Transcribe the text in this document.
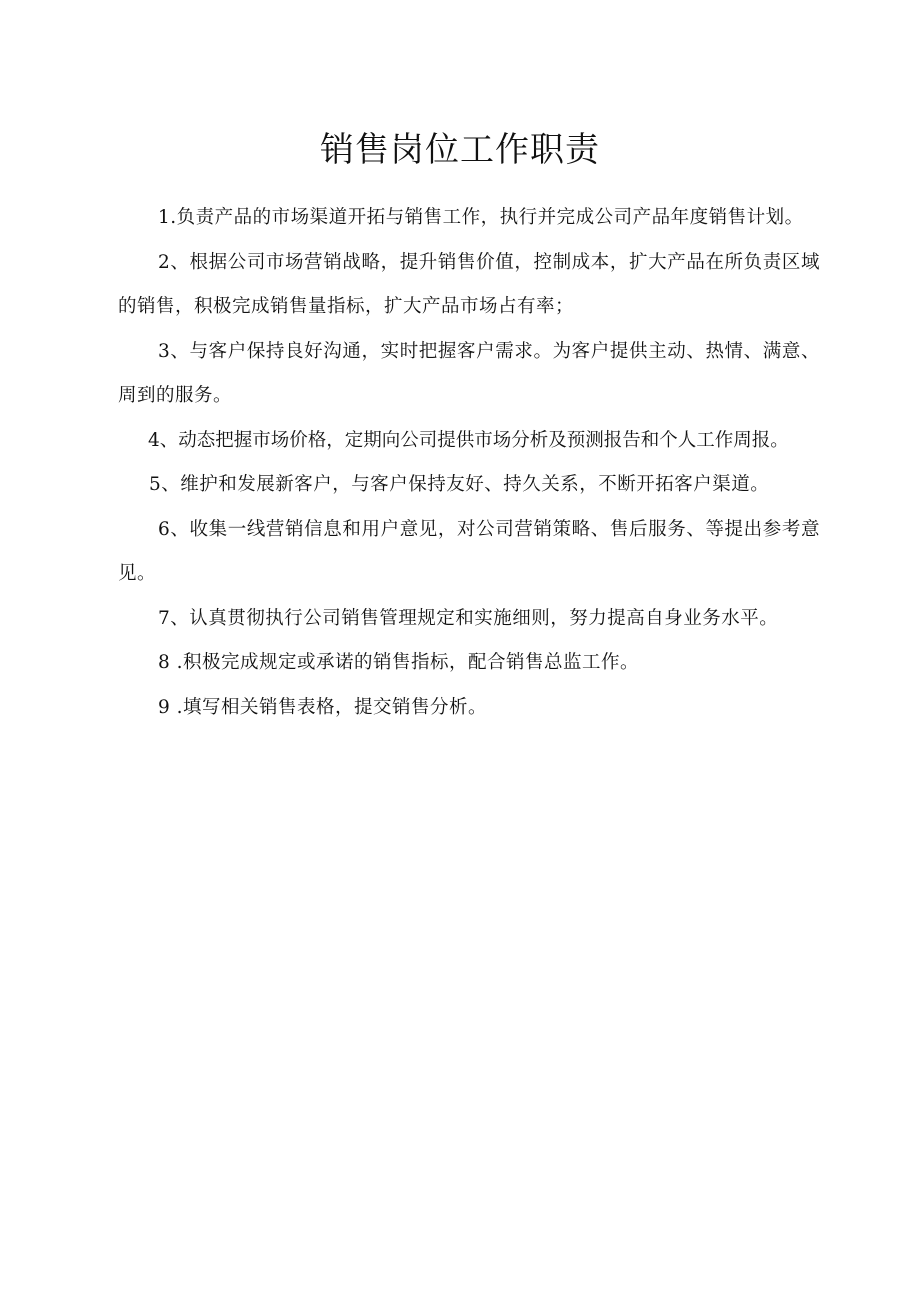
销售岗位工作职责

1.负责产品的市场渠道开拓与销售工作，执行并完成公司产品年度销售计划。

2、根据公司市场营销战略，提升销售价值，控制成本，扩大产品在所负责区域的销售，积极完成销售量指标，扩大产品市场占有率；

3、与客户保持良好沟通，实时把握客户需求。为客户提供主动、热情、满意、周到的服务。

4、动态把握市场价格，定期向公司提供市场分析及预测报告和个人工作周报。

5、维护和发展新客户，与客户保持友好、持久关系，不断开拓客户渠道。

6、收集一线营销信息和用户意见，对公司营销策略、售后服务、等提出参考意见。

7、认真贯彻执行公司销售管理规定和实施细则，努力提高自身业务水平。

8 .积极完成规定或承诺的销售指标，配合销售总监工作。

9 .填写相关销售表格，提交销售分析。
